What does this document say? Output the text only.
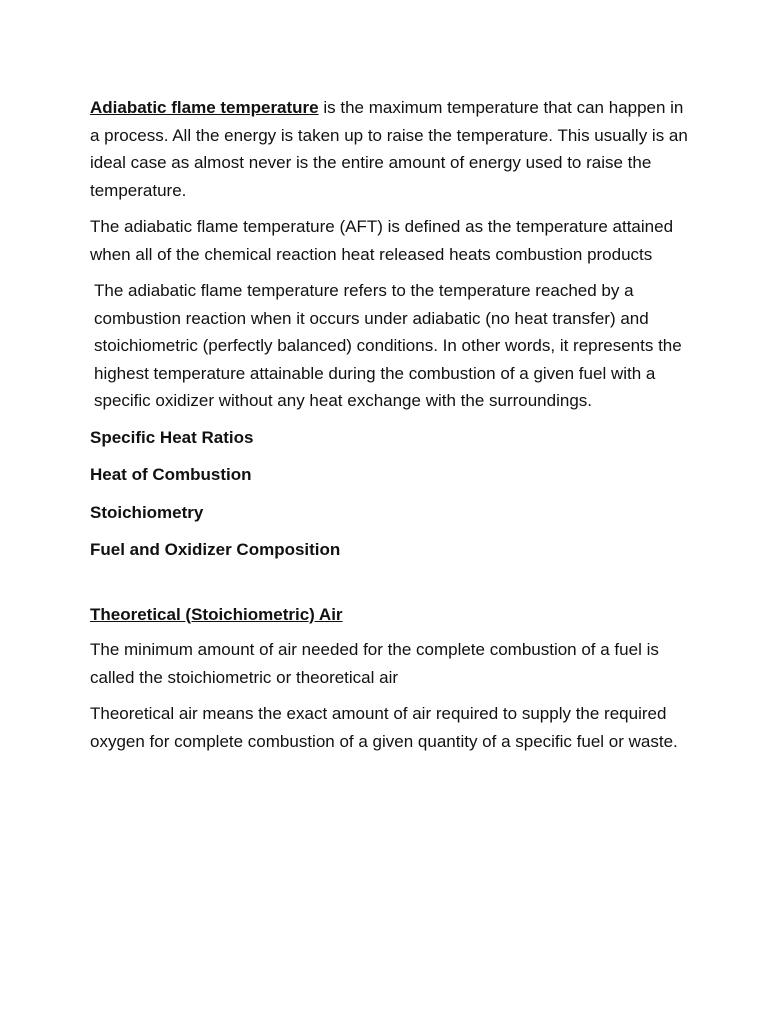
Adiabatic flame temperature is the maximum temperature that can happen in a process. All the energy is taken up to raise the temperature. This usually is an ideal case as almost never is the entire amount of energy used to raise the temperature.

The adiabatic flame temperature (AFT) is defined as the temperature attained when all of the chemical reaction heat released heats combustion products

The adiabatic flame temperature refers to the temperature reached by a combustion reaction when it occurs under adiabatic (no heat transfer) and stoichiometric (perfectly balanced) conditions. In other words, it represents the highest temperature attainable during the combustion of a given fuel with a specific oxidizer without any heat exchange with the surroundings.

Specific Heat Ratios

Heat of Combustion

Stoichiometry

Fuel and Oxidizer Composition

Theoretical (Stoichiometric) Air

The minimum amount of air needed for the complete combustion of a fuel is called the stoichiometric or theoretical air

Theoretical air means the exact amount of air required to supply the required oxygen for complete combustion of a given quantity of a specific fuel or waste.
